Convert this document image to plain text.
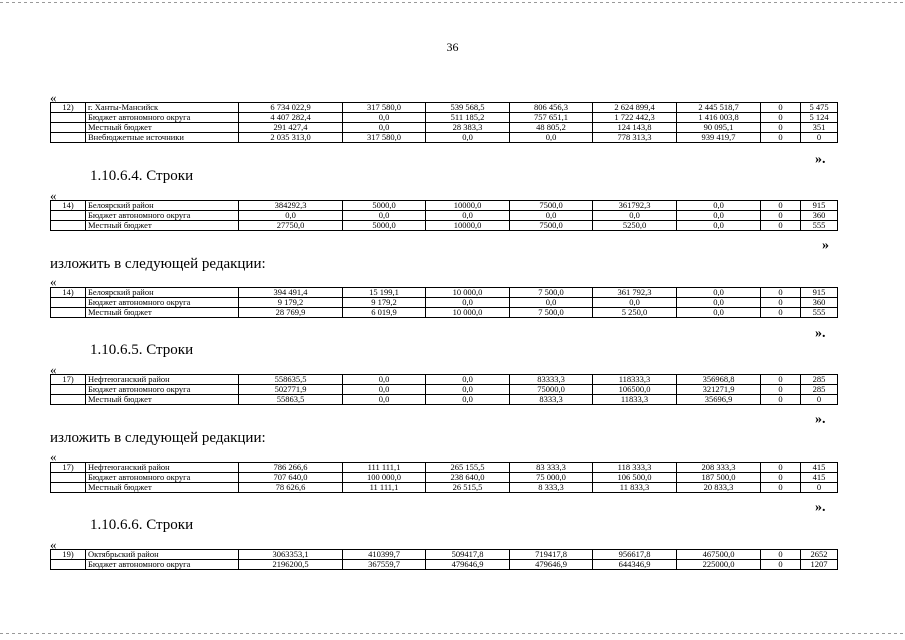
36
«
12)	г. Ханты-Мансийск	6 734 022,9	317 580,0	539 568,5	806 456,3	2 624 899,4	2 445 518,7	0	5 475
	Бюджет автономного округа	4 407 282,4	0,0	511 185,2	757 651,1	1 722 442,3	1 416 003,8	0	5 124
	Местный бюджет	291 427,4	0,0	28 383,3	48 805,2	124 143,8	90 095,1	0	351
	Внебюджетные источники	2 035 313,0	317 580,0	0,0	0,0	778 313,3	939 419,7	0	0
».
1.10.6.4. Строки
«
14)	Белоярский район	384292,3	5000,0	10000,0	7500,0	361792,3	0,0	0	915
	Бюджет автономного округа	0,0	0,0	0,0	0,0	0,0	0,0	0	360
	Местный бюджет	27750,0	5000,0	10000,0	7500,0	5250,0	0,0	0	555
»
изложить в следующей редакции:
«
14)	Белоярский район	394 491,4	15 199,1	10 000,0	7 500,0	361 792,3	0,0	0	915
	Бюджет автономного округа	9 179,2	9 179,2	0,0	0,0	0,0	0,0	0	360
	Местный бюджет	28 769,9	6 019,9	10 000,0	7 500,0	5 250,0	0,0	0	555
».
1.10.6.5. Строки
«
17)	Нефтеюганский район	558635,5	0,0	0,0	83333,3	118333,3	356968,8	0	285
	Бюджет автономного округа	502771,9	0,0	0,0	75000,0	106500,0	321271,9	0	285
	Местный бюджет	55863,5	0,0	0,0	8333,3	11833,3	35696,9	0	0
».
изложить в следующей редакции:
«
17)	Нефтеюганский район	786 266,6	111 111,1	265 155,5	83 333,3	118 333,3	208 333,3	0	415
	Бюджет автономного округа	707 640,0	100 000,0	238 640,0	75 000,0	106 500,0	187 500,0	0	415
	Местный бюджет	78 626,6	11 111,1	26 515,5	8 333,3	11 833,3	20 833,3	0	0
».
1.10.6.6. Строки
«
19)	Октябрьский район	3063353,1	410399,7	509417,8	719417,8	956617,8	467500,0	0	2652
	Бюджет автономного округа	2196200,5	367559,7	479646,9	479646,9	644346,9	225000,0	0	1207
